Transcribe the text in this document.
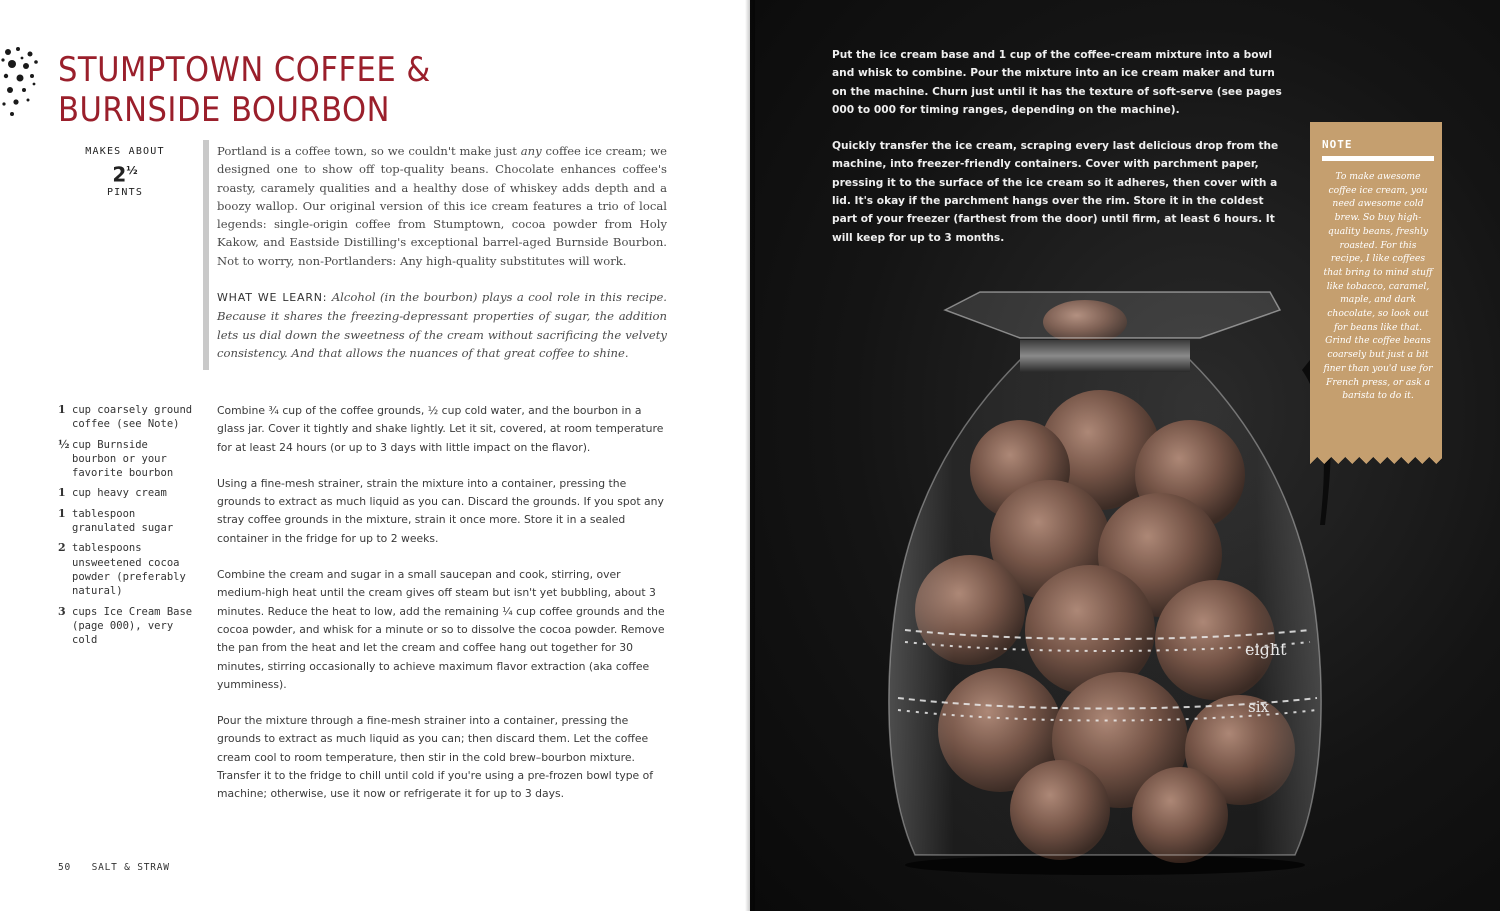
STUMPTOWN COFFEE &
BURNSIDE BOURBON
MAKES ABOUT
$2^{\frac{1}{2}}$
PINTS

Portland is a coffee town, so we couldn't make just any coffee ice cream; we designed one to show off top-quality beans. Chocolate enhances coffee's roasty, caramely qualities and a healthy dose of whiskey adds depth and a boozy wallop. Our original version of this ice cream features a trio of local legends: single-origin coffee from Stumptown, cocoa powder from Holy Kakow, and Eastside Distilling's exceptional barrel-aged Burnside Bourbon. Not to worry, non-Portlanders: Any high-quality substitutes will work.

WHAT WE LEARN: Alcohol (in the bourbon) plays a cool role in this recipe. Because it shares the freezing-depressant properties of sugar, the addition lets us dial down the sweetness of the cream without sacrificing the velvety consistency. And that allows the nuances of that great coffee to shine.

1 cup coarsely ground coffee (see Note)
½ cup Burnside bourbon or your favorite bourbon
1 cup heavy cream
1 tablespoon granulated sugar
2 tablespoons unsweetened cocoa powder (preferably natural)
3 cups Ice Cream Base (page 000), very cold

Combine ¾ cup of the coffee grounds, ½ cup cold water, and the bourbon in a glass jar. Cover it tightly and shake lightly. Let it sit, covered, at room temperature for at least 24 hours (or up to 3 days with little impact on the flavor).

Using a fine-mesh strainer, strain the mixture into a container, pressing the grounds to extract as much liquid as you can. Discard the grounds. If you spot any stray coffee grounds in the mixture, strain it once more. Store it in a sealed container in the fridge for up to 2 weeks.

Combine the cream and sugar in a small saucepan and cook, stirring, over medium-high heat until the cream gives off steam but isn't yet bubbling, about 3 minutes. Reduce the heat to low, add the remaining ¼ cup coffee grounds and the cocoa powder, and whisk for a minute or so to dissolve the cocoa powder. Remove the pan from the heat and let the cream and coffee hang out together for 30 minutes, stirring occasionally to achieve maximum flavor extraction (aka coffee yumminess).

Pour the mixture through a fine-mesh strainer into a container, pressing the grounds to extract as much liquid as you can; then discard them. Let the coffee cream cool to room temperature, then stir in the cold brew–bourbon mixture. Transfer it to the fridge to chill until cold if you're using a pre-frozen bowl type of machine; otherwise, use it now or refrigerate it for up to 3 days.

50 SALT & STRAW
eight
six

Put the ice cream base and 1 cup of the coffee-cream mixture into a bowl and whisk to combine. Pour the mixture into an ice cream maker and turn on the machine. Churn just until it has the texture of soft-serve (see pages 000 to 000 for timing ranges, depending on the machine).

Quickly transfer the ice cream, scraping every last delicious drop from the machine, into freezer-friendly containers. Cover with parchment paper, pressing it to the surface of the ice cream so it adheres, then cover with a lid. It's okay if the parchment hangs over the rim. Store it in the coldest part of your freezer (farthest from the door) until firm, at least 6 hours. It will keep for up to 3 months.

NOTE
To make awesome coffee ice cream, you need awesome cold brew. So buy high-quality beans, freshly roasted. For this recipe, I like coffees that bring to mind stuff like tobacco, caramel, maple, and dark chocolate, so look out for beans like that. Grind the coffee beans coarsely but just a bit finer than you'd use for French press, or ask a barista to do it.
